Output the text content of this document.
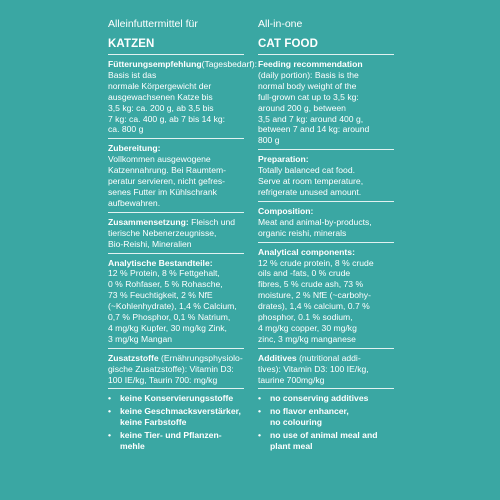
Alleinfuttermittel für
KATZEN
Fütterungsempfehlung(Tagesbedarf): Basis ist das
normale Körpergewicht der
ausgewachsenen Katze bis
3,5 kg: ca. 200 g, ab 3,5 bis
7 kg: ca. 400 g, ab 7 bis 14 kg:
ca. 800 g
Zubereitung:
Vollkommen ausgewogene
Katzennahrung. Bei Raumtem-
peratur servieren, nicht gefres-
senes Futter im Kühlschrank
aufbewahren.
Zusammensetzung: Fleisch und
tierische Nebenerzeugnisse,
Bio-Reishi, Mineralien
Analytische Bestandteile:
12 % Protein, 8 % Fettgehalt,
0 % Rohfaser, 5 % Rohasche,
73 % Feuchtigkeit, 2 % NfE
(~Kohlenhydrate), 1,4 % Calcium,
0,7 % Phosphor, 0,1 % Natrium,
4 mg/kg Kupfer, 30 mg/kg Zink,
3 mg/kg Mangan
Zusatzstoffe (Ernährungsphysiolo-
gische Zusatzstoffe): Vitamin D3:
100 IE/kg, Taurin 700: mg/kg
• keine Konservierungsstoffe
• keine Geschmacksverstärker,
keine Farbstoffe
• keine Tier- und Pflanzen-
mehle
All-in-one
CAT FOOD
Feeding recommendation
(daily portion): Basis is the
normal body weight of the
full-grown cat up to 3,5 kg:
around 200 g, between
3,5 and 7 kg: around 400 g,
between 7 and 14 kg: around
800 g
Preparation:
Totally balanced cat food.
Serve at room temperature,
refrigerate unused amount.
Composition:
Meat and animal-by-products,
organic reishi, minerals
Analytical components:
12 % crude protein, 8 % crude
oils and -fats, 0 % crude
fibres, 5 % crude ash, 73 %
moisture, 2 % NfE (~carbohy-
drates), 1,4 % calcium, 0.7 %
phosphor, 0.1 % sodium,
4 mg/kg copper, 30 mg/kg
zinc, 3 mg/kg manganese
Additives (nutritional addi-
tives): Vitamin D3: 100 IE/kg,
taurine 700mg/kg
• no conserving additives
• no flavor enhancer,
no colouring
• no use of animal meal and
plant meal
